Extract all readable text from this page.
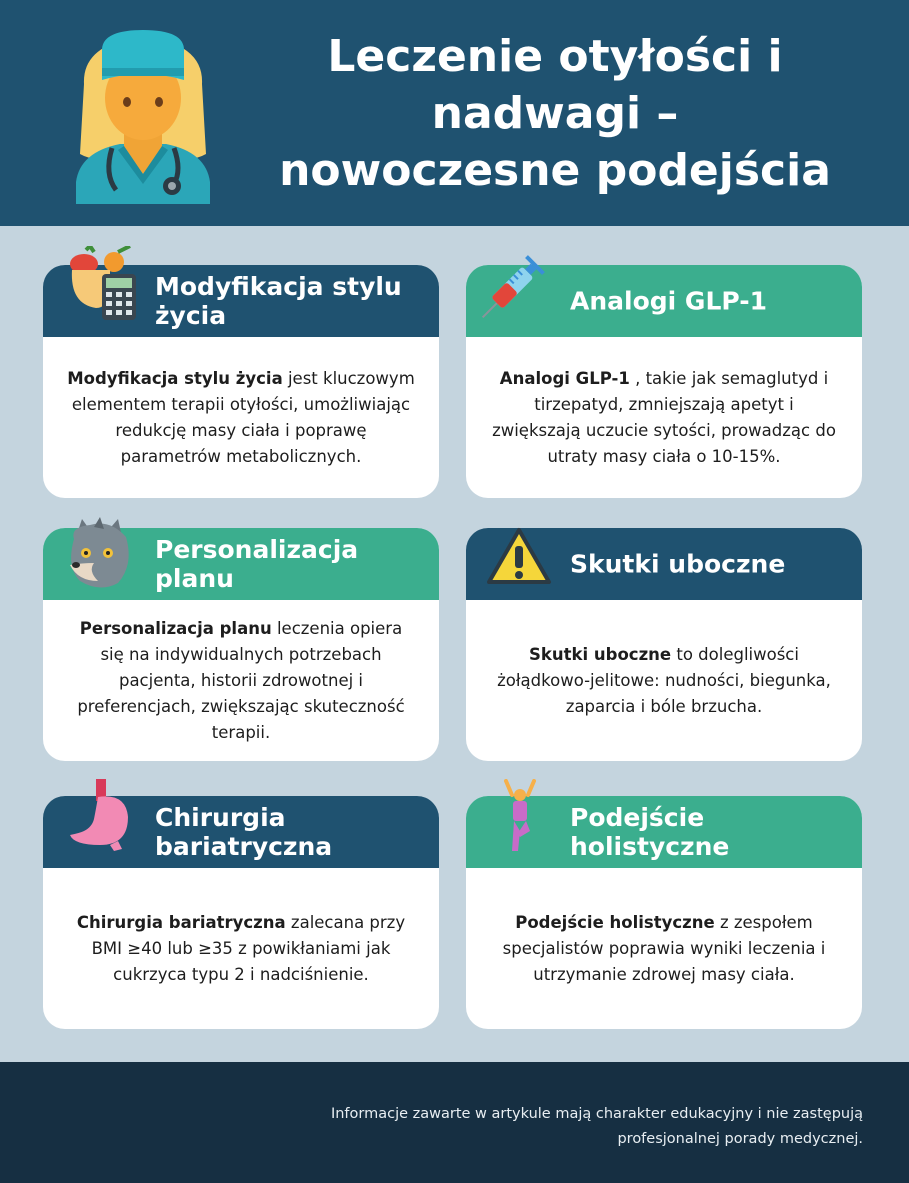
Leczenie otyłości i
nadwagi –
nowoczesne podejścia
Modyfikacja stylu życia

Modyfikacja stylu życia jest kluczowym elementem terapii otyłości, umożliwiając redukcję masy ciała i poprawę parametrów metabolicznych.

Analogi GLP-1

Analogi GLP-1 , takie jak semaglutyd i tirzepatyd, zmniejszają apetyt i zwiększają uczucie sytości, prowadząc do utraty masy ciała o 10-15%.

Personalizacja planu

Personalizacja planu leczenia opiera się na indywidualnych potrzebach pacjenta, historii zdrowotnej i preferencjach, zwiększając skuteczność terapii.

Skutki uboczne

Skutki uboczne to dolegliwości żołądkowo-jelitowe: nudności, biegunka, zaparcia i bóle brzucha.

Chirurgia bariatryczna

Chirurgia bariatryczna zalecana przy BMI ≥40 lub ≥35 z powikłaniami jak cukrzyca typu 2 i nadciśnienie.

Podejście holistyczne

Podejście holistyczne z zespołem specjalistów poprawia wyniki leczenia i utrzymanie zdrowej masy ciała.

Informacje zawarte w artykule mają charakter edukacyjny i nie zastępują
profesjonalnej porady medycznej.
